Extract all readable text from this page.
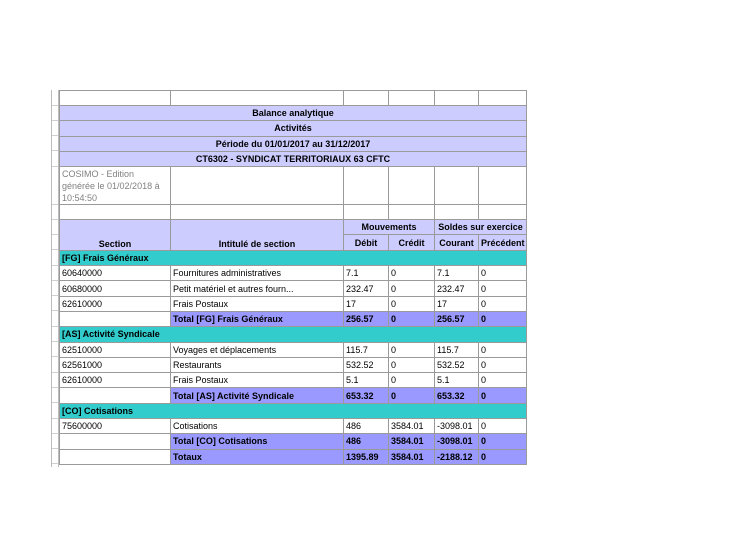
Balance analytique					
Activités					
Période du 01/01/2017 au 31/12/2017					
CT6302 - SYNDICAT TERRITORIAUX 63 CFTC					
COSIMO - Edition générée le 01/02/2018 à 10:54:50					

Section	Intitulé de section	Mouvements		Soldes sur exercice	
		Débit	Crédit	Courant	Précédent
[FG] Frais Généraux					
60640000	Fournitures administratives	7.1	0	7.1	0
60680000	Petit matériel et autres fourn...	232.47	0	232.47	0
62610000	Frais Postaux	17	0	17	0
	Total [FG] Frais Généraux	256.57	0	256.57	0
[AS] Activité Syndicale					
62510000	Voyages et déplacements	115.7	0	115.7	0
62561000	Restaurants	532.52	0	532.52	0
62610000	Frais Postaux	5.1	0	5.1	0
	Total [AS] Activité Syndicale	653.32	0	653.32	0
[CO] Cotisations					
75600000	Cotisations	486	3584.01	-3098.01	0
	Total [CO] Cotisations	486	3584.01	-3098.01	0
	Totaux	1395.89	3584.01	-2188.12	0
